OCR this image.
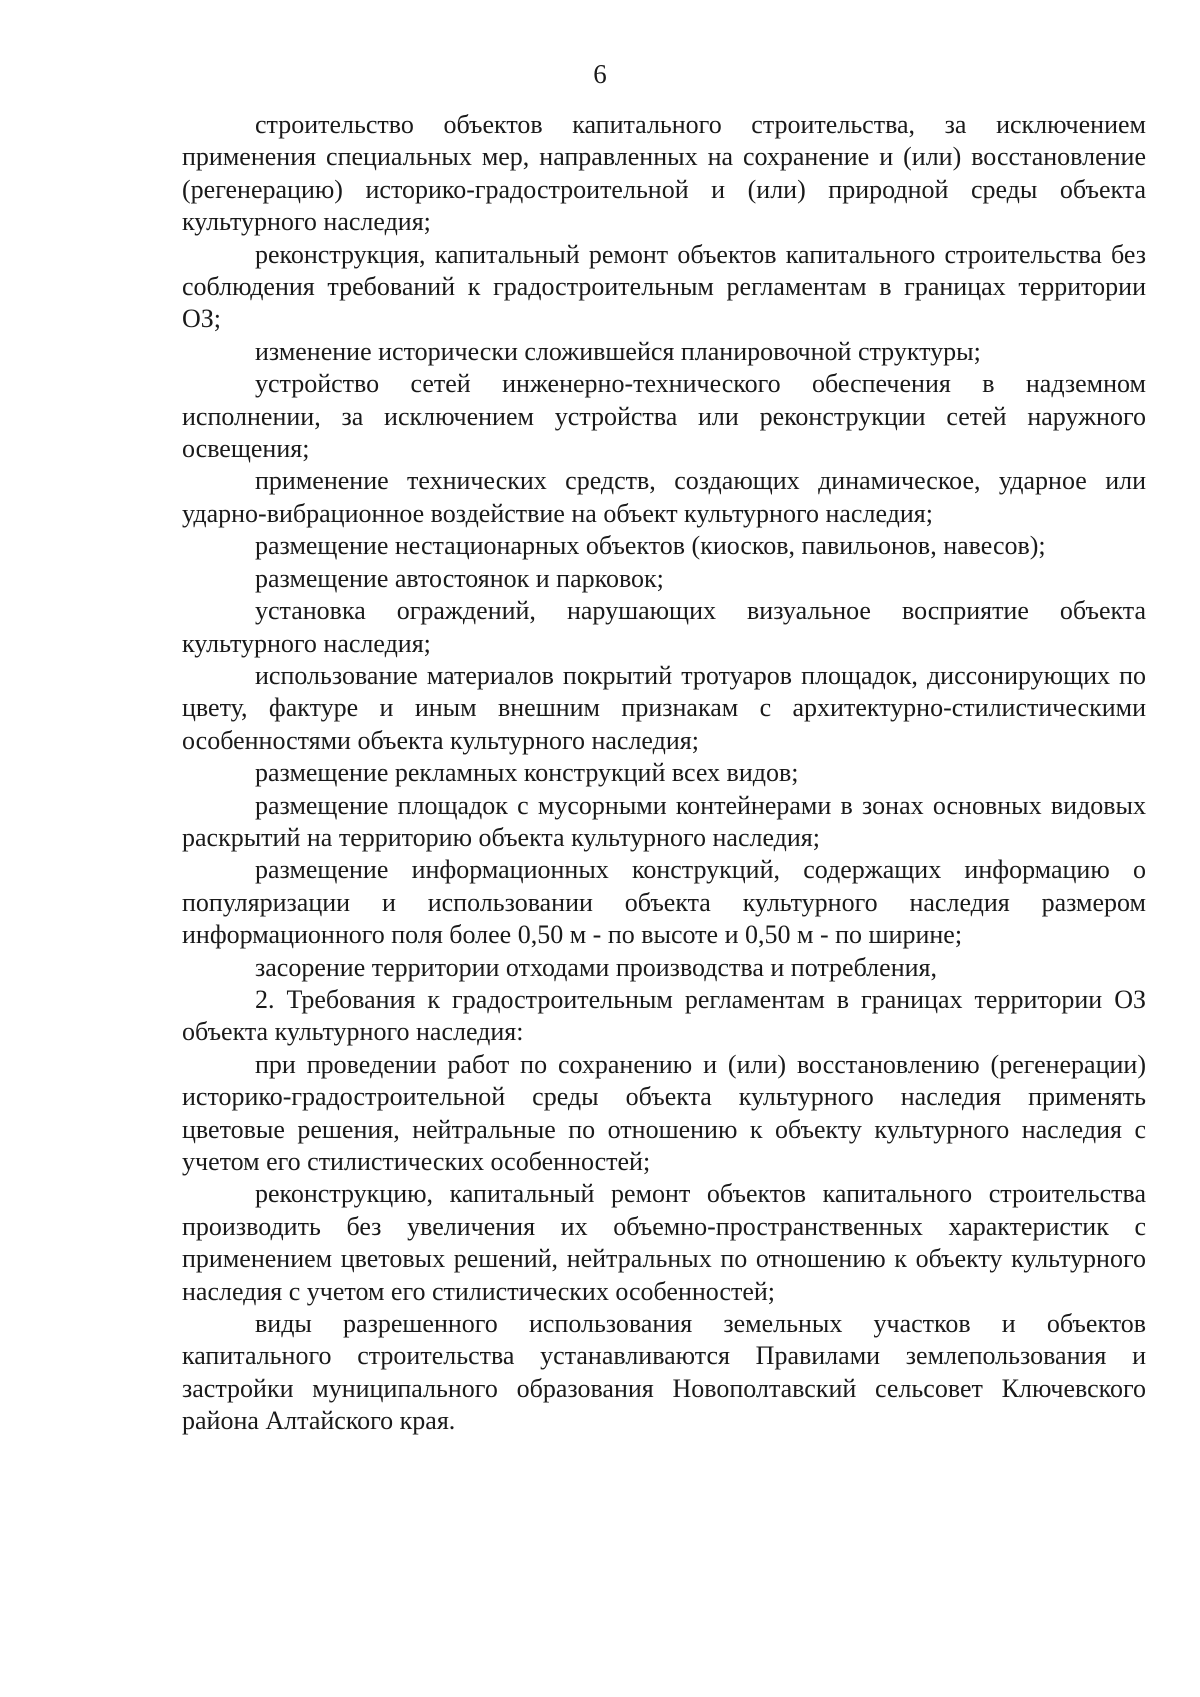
6

строительство объектов капитального строительства, за исключением применения специальных мер, направленных на сохранение и (или) восстановление (регенерацию) историко-градостроительной и (или) природной среды объекта культурного наследия;

реконструкция, капитальный ремонт объектов капитального строительства без соблюдения требований к градостроительным регламентам в границах территории ОЗ;

изменение исторически сложившейся планировочной структуры;

устройство сетей инженерно-технического обеспечения в надземном исполнении, за исключением устройства или реконструкции сетей наружного освещения;

применение технических средств, создающих динамическое, ударное или ударно-вибрационное воздействие на объект культурного наследия;

размещение нестационарных объектов (киосков, павильонов, навесов);

размещение автостоянок и парковок;

установка ограждений, нарушающих визуальное восприятие объекта культурного наследия;

использование материалов покрытий тротуаров площадок, диссонирующих по цвету, фактуре и иным внешним признакам с архитектурно-стилистическими особенностями объекта культурного наследия;

размещение рекламных конструкций всех видов;

размещение площадок с мусорными контейнерами в зонах основных видовых раскрытий на территорию объекта культурного наследия;

размещение информационных конструкций, содержащих информацию о популяризации и использовании объекта культурного наследия размером информационного поля более 0,50 м - по высоте и 0,50 м - по ширине;

засорение территории отходами производства и потребления,

2. Требования к градостроительным регламентам в границах территории ОЗ объекта культурного наследия:

при проведении работ по сохранению и (или) восстановлению (регенерации) историко-градостроительной среды объекта культурного наследия применять цветовые решения, нейтральные по отношению к объекту культурного наследия с учетом его стилистических особенностей;

реконструкцию, капитальный ремонт объектов капитального строительства производить без увеличения их объемно-пространственных характеристик с применением цветовых решений, нейтральных по отношению к объекту культурного наследия с учетом его стилистических особенностей;

виды разрешенного использования земельных участков и объектов капитального строительства устанавливаются Правилами землепользования и застройки муниципального образования Новополтавский сельсовет Ключевского района Алтайского края.
